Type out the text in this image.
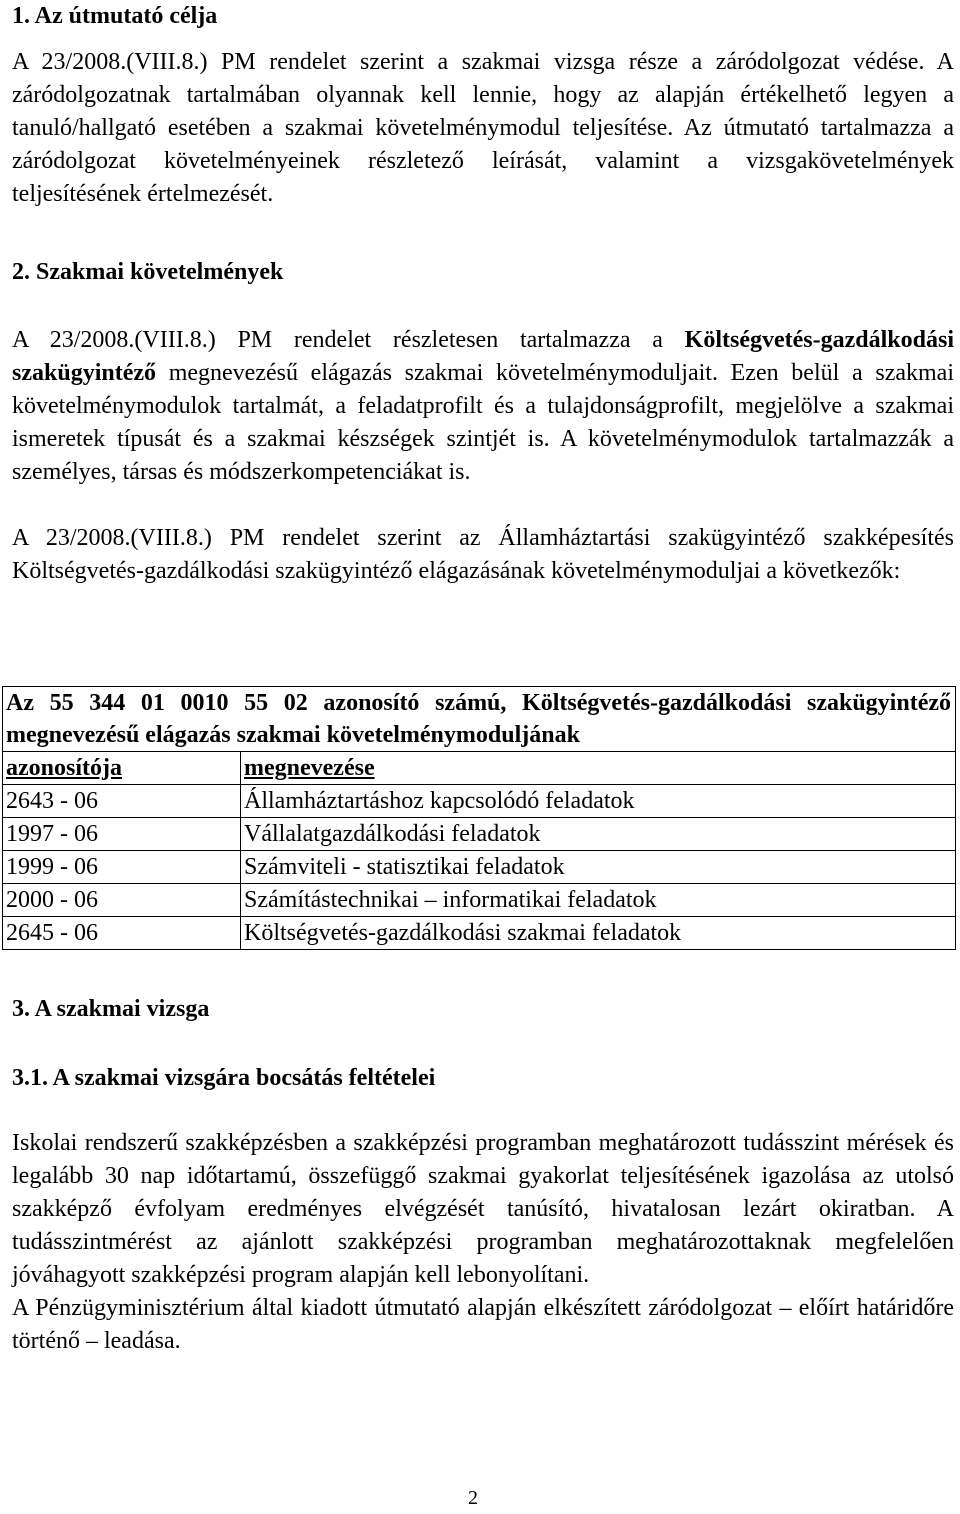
1. Az útmutató célja

A 23/2008.(VIII.8.) PM rendelet szerint a szakmai vizsga része a záródolgozat védése. A záródolgozatnak tartalmában olyannak kell lennie, hogy az alapján értékelhető legyen a tanuló/hallgató esetében a szakmai követelménymodul teljesítése. Az útmutató tartalmazza a záródolgozat követelményeinek részletező leírását, valamint a vizsgakövetelmények teljesítésének értelmezését.

2. Szakmai követelmények

A 23/2008.(VIII.8.) PM rendelet részletesen tartalmazza a Költségvetés-gazdálkodási szakügyintéző megnevezésű elágazás szakmai követelménymoduljait. Ezen belül a szakmai követelménymodulok tartalmát, a feladatprofilt és a tulajdonságprofilt, megjelölve a szakmai ismeretek típusát és a szakmai készségek szintjét is. A követelménymodulok tartalmazzák a személyes, társas és módszerkompetenciákat is.

A 23/2008.(VIII.8.) PM rendelet szerint az Államháztartási szakügyintéző szakképesítés Költségvetés-gazdálkodási szakügyintéző elágazásának követelménymoduljai a következők:

Az 55 344 01 0010 55 02 azonosító számú, Költségvetés-gazdálkodási szakügyintéző megnevezésű elágazás szakmai követelménymoduljának	
azonosítója	megnevezése
2643 - 06	Államháztartáshoz kapcsolódó feladatok
1997 - 06	Vállalatgazdálkodási feladatok
1999 - 06	Számviteli - statisztikai feladatok
2000 - 06	Számítástechnikai – informatikai feladatok
2645 - 06	Költségvetés-gazdálkodási szakmai feladatok
3. A szakmai vizsga
3.1. A szakmai vizsgára bocsátás feltételei

Iskolai rendszerű szakképzésben a szakképzési programban meghatározott tudásszint mérések és legalább 30 nap időtartamú, összefüggő szakmai gyakorlat teljesítésének igazolása az utolsó szakképző évfolyam eredményes elvégzését tanúsító, hivatalosan lezárt okiratban. A tudásszintmérést az ajánlott szakképzési programban meghatározottaknak megfelelően jóváhagyott szakképzési program alapján kell lebonyolítani.

A Pénzügyminisztérium által kiadott útmutató alapján elkészített záródolgozat – előírt határidőre történő – leadása.

2
